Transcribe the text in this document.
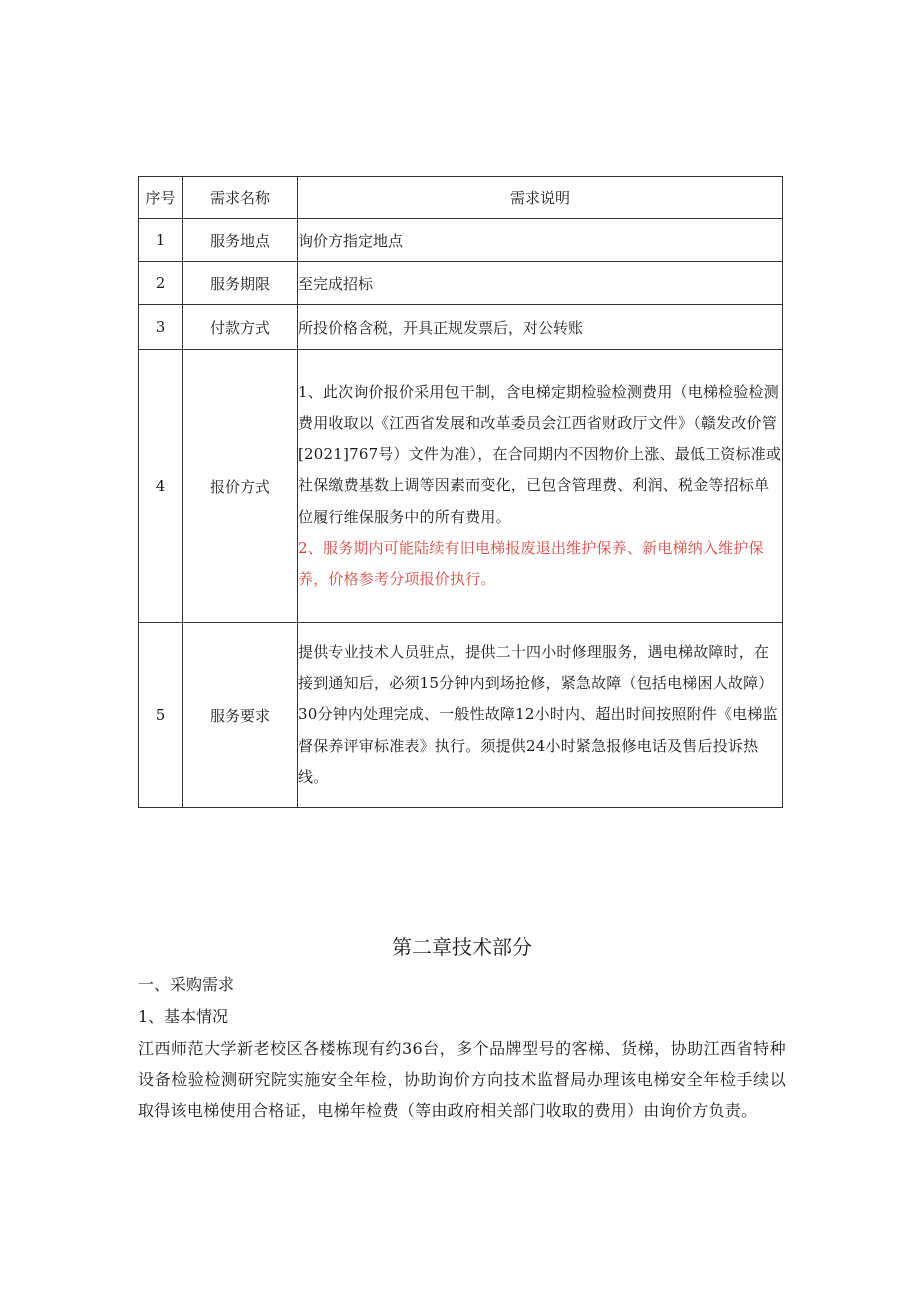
序号	需求名称	需求说明
1	服务地点	询价方指定地点
2	服务期限	至完成招标
3	付款方式	所投价格含税，开具正规发票后，对公转账
4	报价方式	1、此次询价报价采用包干制，含电梯定期检验检测费用（电梯检验检测费用收取以《江西省发展和改革委员会江西省财政厅文件》（赣发改价管[2021]767号）文件为准），在合同期内不因物价上涨、最低工资标准或社保缴费基数上调等因素而变化，已包含管理费、利润、税金等招标单位履行维保服务中的所有费用。
2、服务期内可能陆续有旧电梯报废退出维护保养、新电梯纳入维护保养，价格参考分项报价执行。

5	服务要求	提供专业技术人员驻点，提供二十四小时修理服务，遇电梯故障时，在接到通知后，必须15分钟内到场抢修，紧急故障（包括电梯困人故障）30分钟内处理完成、一般性故障12小时内、超出时间按照附件《电梯监督保养评审标准表》执行。须提供24小时紧急报修电话及售后投诉热线。
第二章技术部分
一、采购需求
1、基本情况

江西师范大学新老校区各楼栋现有约36台，多个品牌型号的客梯、货梯，协助江西省特种设备检验检测研究院实施安全年检，协助询价方向技术监督局办理该电梯安全年检手续以取得该电梯使用合格证，电梯年检费（等由政府相关部门收取的费用）由询价方负责。
